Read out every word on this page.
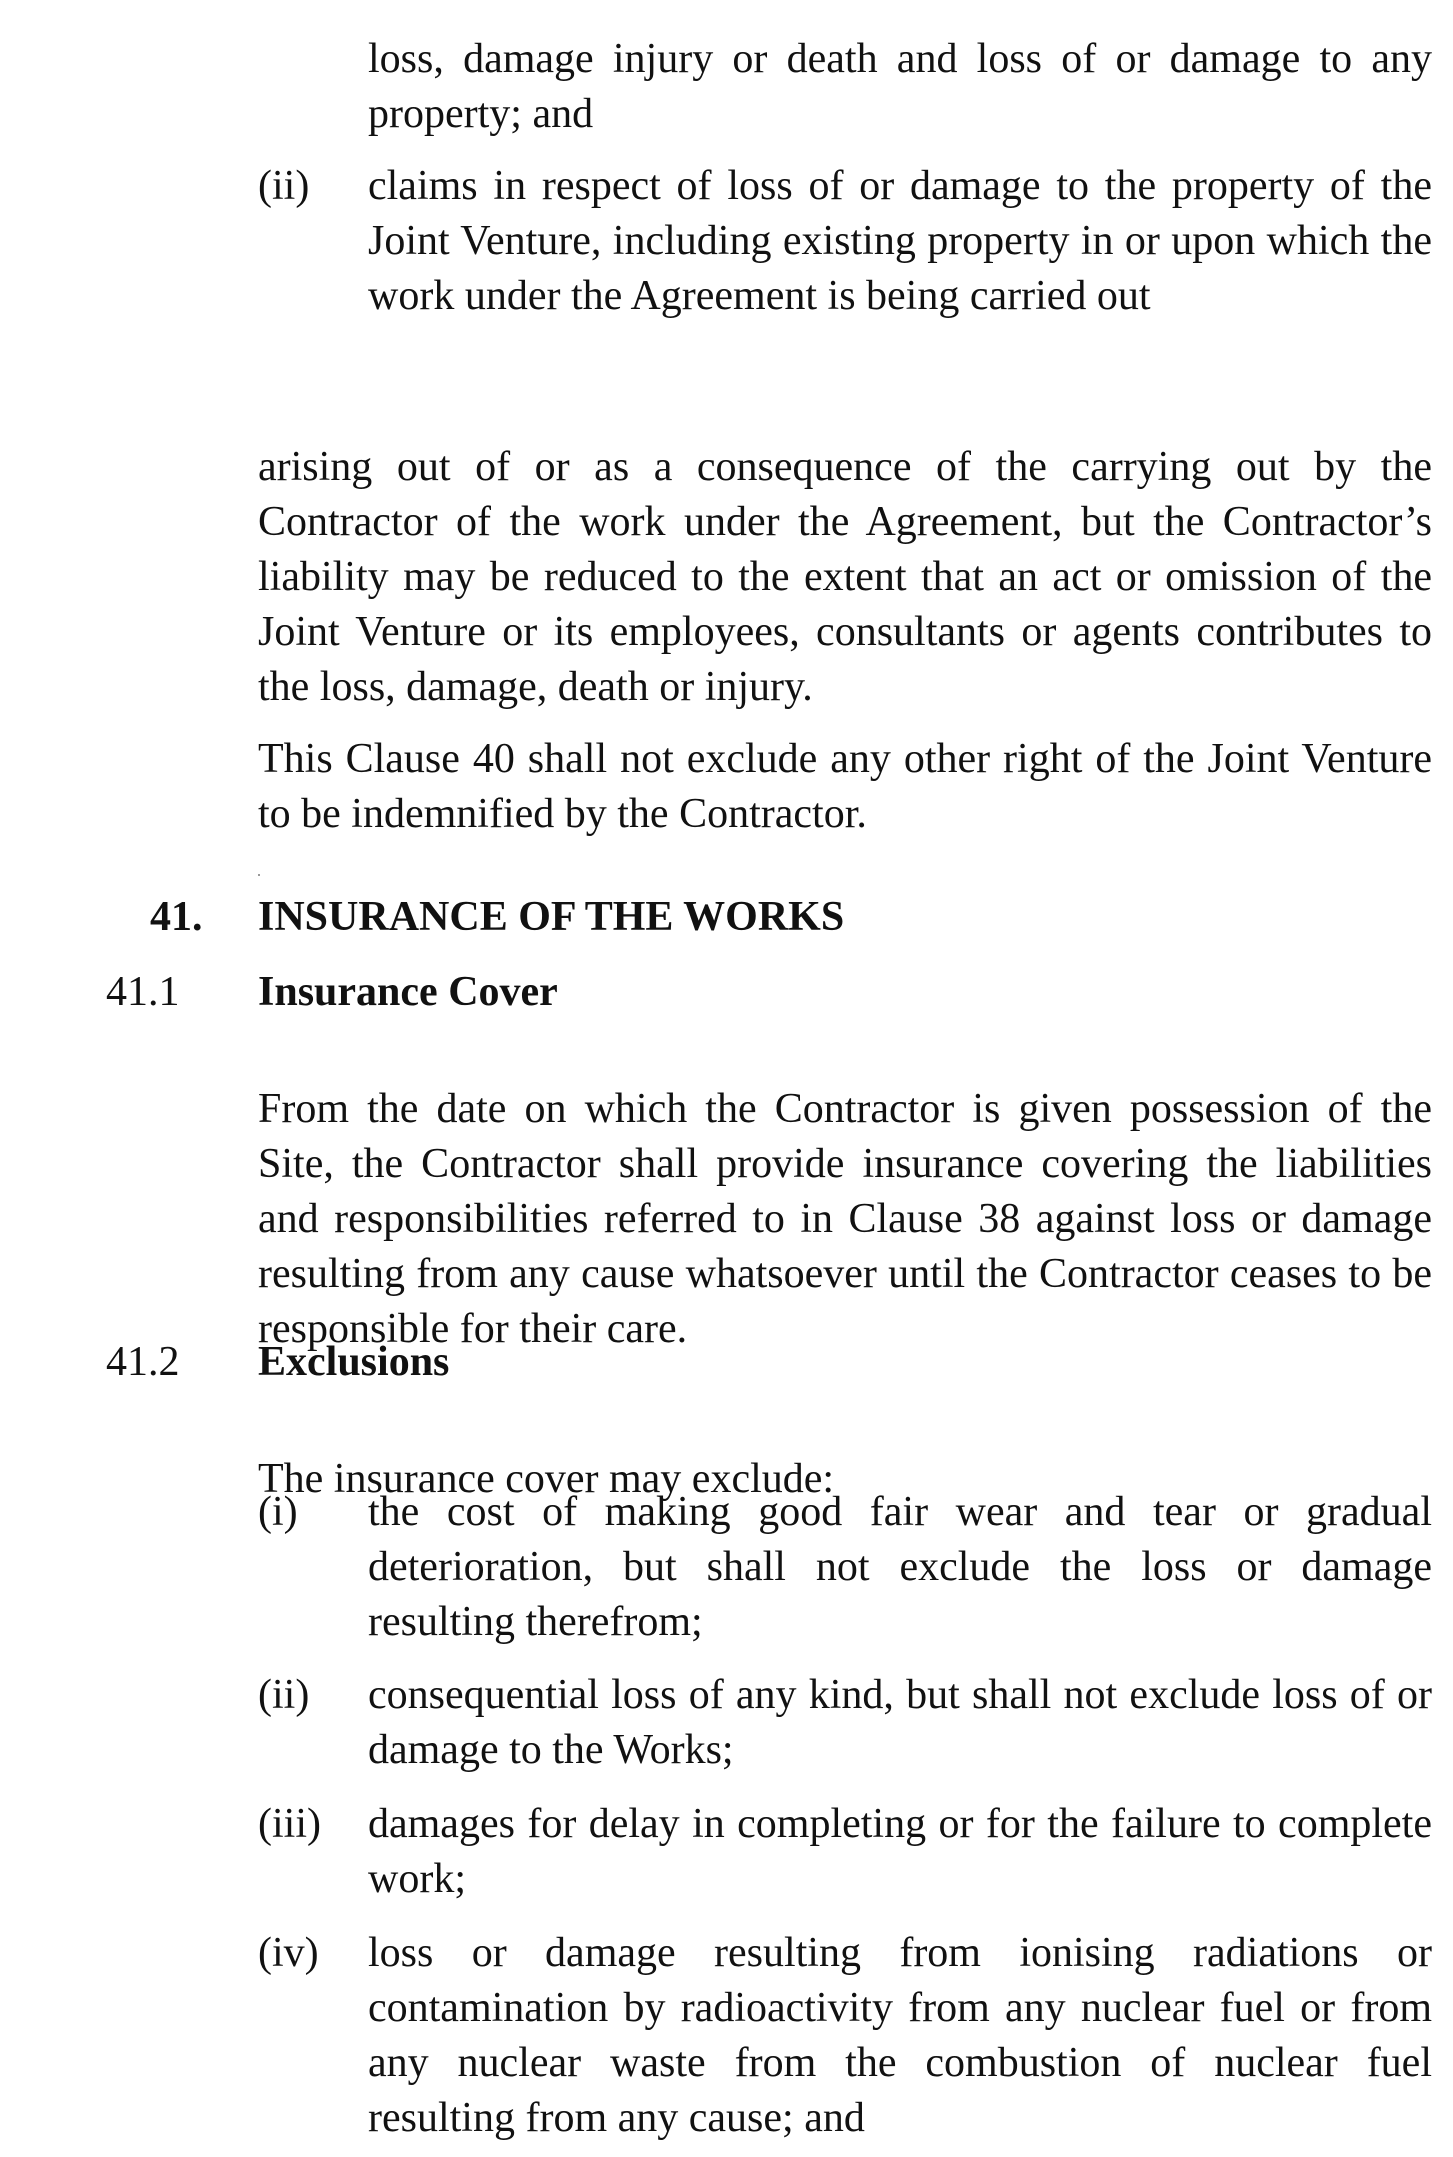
loss, damage injury or death and loss of or damage to any property; and
(ii) claims in respect of loss of or damage to the property of the Joint Venture, including existing property in or upon which the work under the Agreement is being carried out

arising out of or as a consequence of the carrying out by the Contractor of the work under the Agreement, but the Contractor’s liability may be reduced to the extent that an act or omission of the Joint Venture or its employees, consultants or agents contributes to the loss, damage, death or injury.

This Clause 40 shall not exclude any other right of the Joint Venture to be indemnified by the Contractor.

41. INSURANCE OF THE WORKS
41.1 Insurance Cover

From the date on which the Contractor is given possession of the Site, the Contractor shall provide insurance covering the liabilities and responsibilities referred to in Clause 38 against loss or damage resulting from any cause whatsoever until the Contractor ceases to be responsible for their care.

41.2 Exclusions

The insurance cover may exclude:

(i) the cost of making good fair wear and tear or gradual deterioration, but shall not exclude the loss or damage resulting therefrom;
(ii) consequential loss of any kind, but shall not exclude loss of or damage to the Works;
(iii) damages for delay in completing or for the failure to complete work;
(iv) loss or damage resulting from ionising radiations or contamination by radioactivity from any nuclear fuel or from any nuclear waste from the combustion of nuclear fuel resulting from any cause; and
